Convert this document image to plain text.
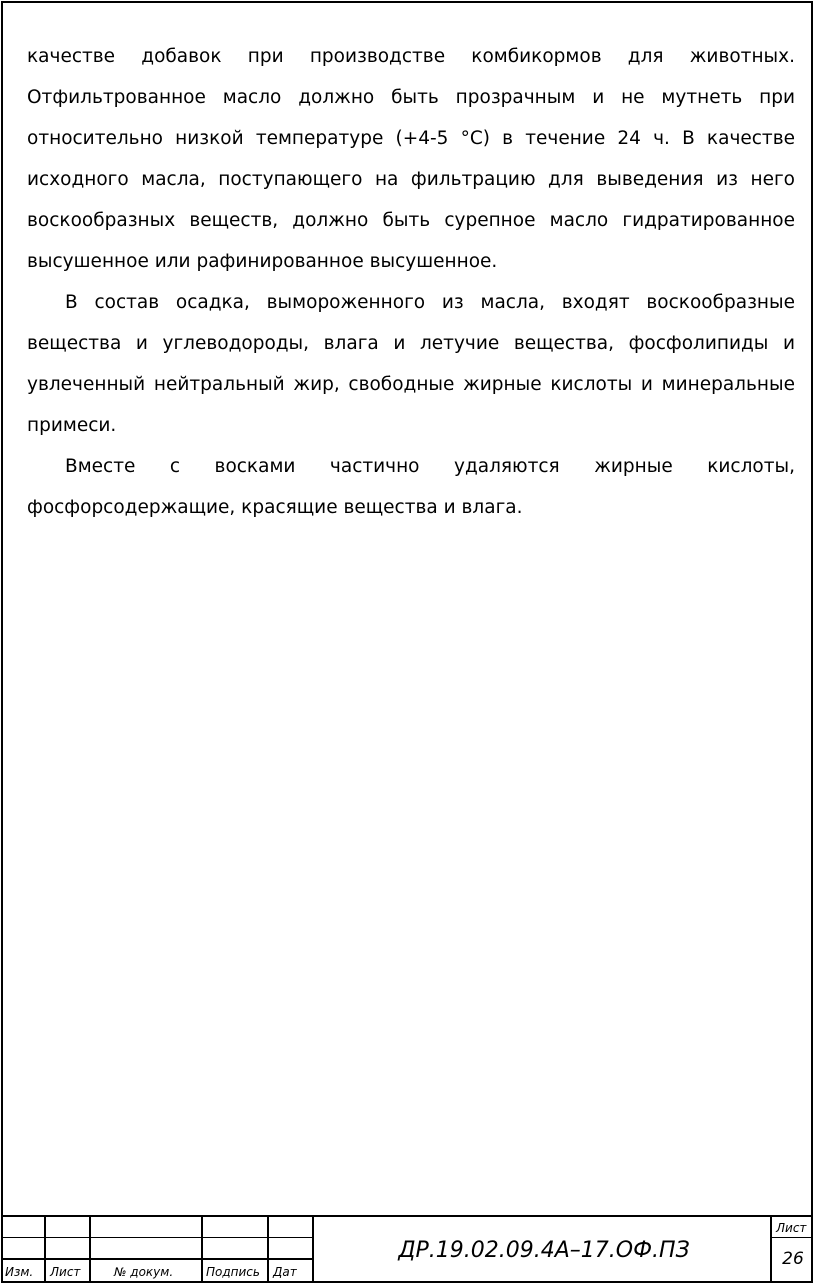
качестве добавок при производстве комбикормов для животных. Отфильтрованное масло должно быть прозрачным и не мутнеть при относительно низкой температуре (+4-5 °С) в течение 24 ч. В качестве исходного масла, поступающего на фильтрацию для выведения из него воскообразных веществ, должно быть сурепное масло гидратированное высушенное или рафинированное высушенное.

В состав осадка, вымороженного из масла, входят воскообразные вещества и углеводороды, влага и летучие вещества, фосфолипиды и увлеченный нейтральный жир, свободные жирные кислоты и минеральные примеси.

Вместе с восками частично удаляются жирные кислоты, фосфорсодержащие, красящие вещества и влага.

Изм. Лист	№ докум.	Подпись Дат
ДР.19.02.09.4А–17.ОФ.ПЗ
Лист
26
